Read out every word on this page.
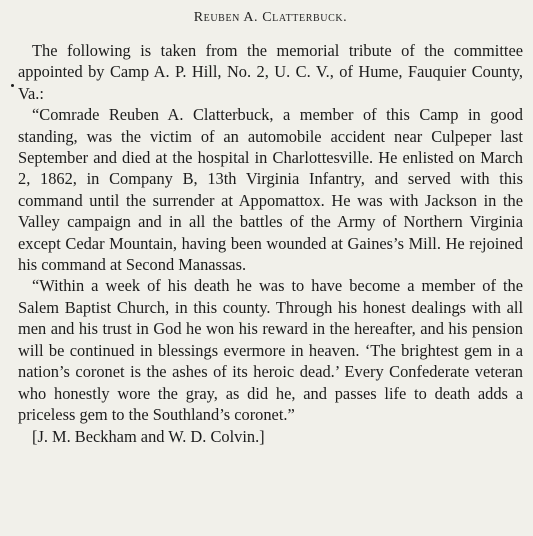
Reuben A. Clatterbuck.

The following is taken from the memorial tribute of the committee appointed by Camp A. P. Hill, No. 2, U. C. V., of Hume, Fauquier County, Va.:

“Comrade Reuben A. Clatterbuck, a member of this Camp in good standing, was the victim of an automobile accident near Culpeper last September and died at the hospital in Charlottesville. He enlisted on March 2, 1862, in Company B, 13th Virginia Infantry, and served with this command until the surrender at Appomattox. He was with Jackson in the Valley campaign and in all the battles of the Army of Northern Virginia except Cedar Mountain, having been wounded at Gaines’s Mill. He rejoined his command at Second Manassas.

“Within a week of his death he was to have become a member of the Salem Baptist Church, in this county. Through his honest dealings with all men and his trust in God he won his reward in the hereafter, and his pension will be continued in blessings evermore in heaven. ‘The brightest gem in a nation’s coronet is the ashes of its heroic dead.’ Every Confederate veteran who honestly wore the gray, as did he, and passes life to death adds a priceless gem to the Southland’s coronet.”

[J. M. Beckham and W. D. Colvin.]
